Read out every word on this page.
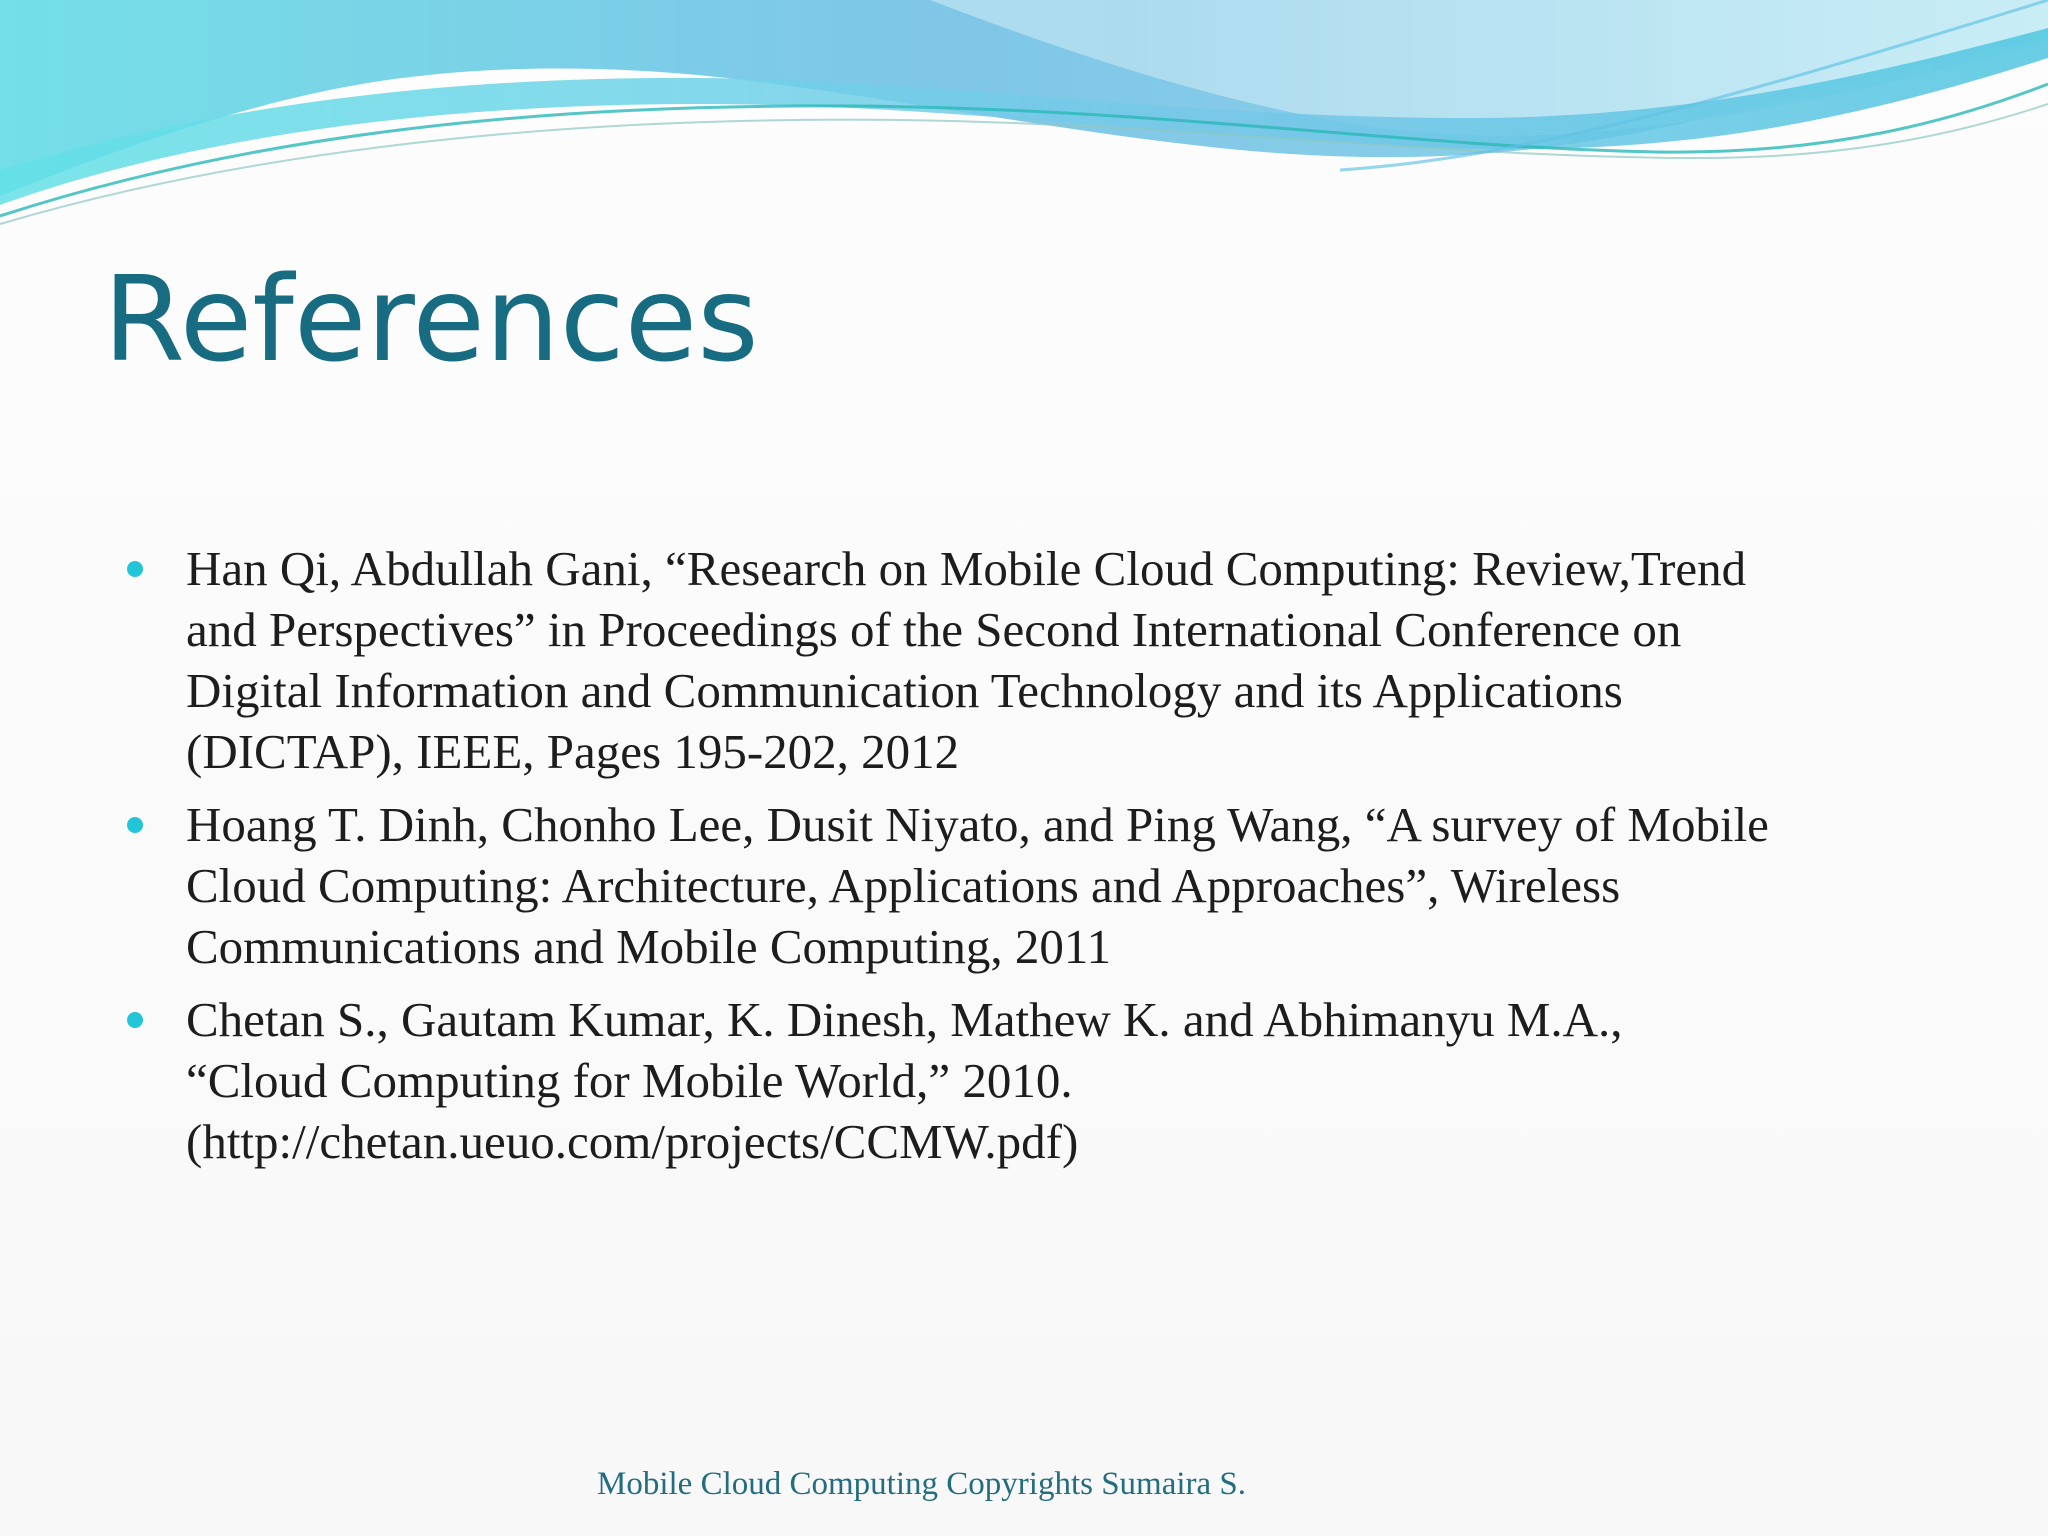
References
Han Qi, Abdullah Gani, “Research on Mobile Cloud Computing: Review,Trend
and Perspectives” in Proceedings of the Second International Conference on
Digital Information and Communication Technology and its Applications
(DICTAP), IEEE, Pages 195-202, 2012
Hoang T. Dinh, Chonho Lee, Dusit Niyato, and Ping Wang, “A survey of Mobile
Cloud Computing: Architecture, Applications and Approaches”, Wireless
Communications and Mobile Computing, 2011
Chetan S., Gautam Kumar, K. Dinesh, Mathew K. and Abhimanyu M.A.,
“Cloud Computing for Mobile World,” 2010.
(http://chetan.ueuo.com/projects/CCMW.pdf)
Mobile Cloud Computing Copyrights Sumaira S.
